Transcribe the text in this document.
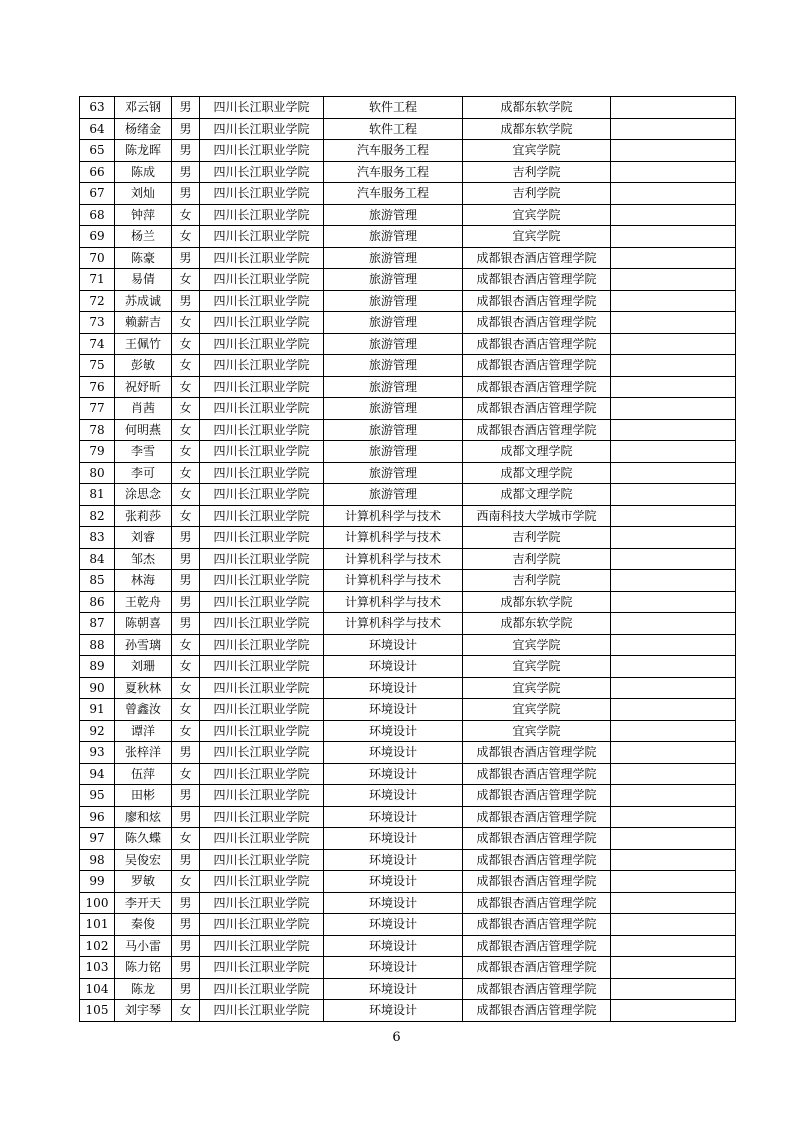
63	邓云钢	男	四川长江职业学院	软件工程	成都东软学院	
64	杨绪金	男	四川长江职业学院	软件工程	成都东软学院	
65	陈龙晖	男	四川长江职业学院	汽车服务工程	宜宾学院	
66	陈成	男	四川长江职业学院	汽车服务工程	吉利学院	
67	刘灿	男	四川长江职业学院	汽车服务工程	吉利学院	
68	钟萍	女	四川长江职业学院	旅游管理	宜宾学院	
69	杨兰	女	四川长江职业学院	旅游管理	宜宾学院	
70	陈豪	男	四川长江职业学院	旅游管理	成都银杏酒店管理学院	
71	易倩	女	四川长江职业学院	旅游管理	成都银杏酒店管理学院	
72	苏成诚	男	四川长江职业学院	旅游管理	成都银杏酒店管理学院	
73	赖薪吉	女	四川长江职业学院	旅游管理	成都银杏酒店管理学院	
74	王佩竹	女	四川长江职业学院	旅游管理	成都银杏酒店管理学院	
75	彭敏	女	四川长江职业学院	旅游管理	成都银杏酒店管理学院	
76	祝妤昕	女	四川长江职业学院	旅游管理	成都银杏酒店管理学院	
77	肖茜	女	四川长江职业学院	旅游管理	成都银杏酒店管理学院	
78	何明燕	女	四川长江职业学院	旅游管理	成都银杏酒店管理学院	
79	李雪	女	四川长江职业学院	旅游管理	成都文理学院	
80	李可	女	四川长江职业学院	旅游管理	成都文理学院	
81	涂思念	女	四川长江职业学院	旅游管理	成都文理学院	
82	张莉莎	女	四川长江职业学院	计算机科学与技术	西南科技大学城市学院	
83	刘睿	男	四川长江职业学院	计算机科学与技术	吉利学院	
84	邹杰	男	四川长江职业学院	计算机科学与技术	吉利学院	
85	林海	男	四川长江职业学院	计算机科学与技术	吉利学院	
86	王乾舟	男	四川长江职业学院	计算机科学与技术	成都东软学院	
87	陈朝喜	男	四川长江职业学院	计算机科学与技术	成都东软学院	
88	孙雪璃	女	四川长江职业学院	环境设计	宜宾学院	
89	刘珊	女	四川长江职业学院	环境设计	宜宾学院	
90	夏秋林	女	四川长江职业学院	环境设计	宜宾学院	
91	曾鑫汝	女	四川长江职业学院	环境设计	宜宾学院	
92	谭洋	女	四川长江职业学院	环境设计	宜宾学院	
93	张梓洋	男	四川长江职业学院	环境设计	成都银杏酒店管理学院	
94	伍萍	女	四川长江职业学院	环境设计	成都银杏酒店管理学院	
95	田彬	男	四川长江职业学院	环境设计	成都银杏酒店管理学院	
96	廖和炫	男	四川长江职业学院	环境设计	成都银杏酒店管理学院	
97	陈久蝶	女	四川长江职业学院	环境设计	成都银杏酒店管理学院	
98	吴俊宏	男	四川长江职业学院	环境设计	成都银杏酒店管理学院	
99	罗敏	女	四川长江职业学院	环境设计	成都银杏酒店管理学院	
100	李开天	男	四川长江职业学院	环境设计	成都银杏酒店管理学院	
101	秦俊	男	四川长江职业学院	环境设计	成都银杏酒店管理学院	
102	马小雷	男	四川长江职业学院	环境设计	成都银杏酒店管理学院	
103	陈力铭	男	四川长江职业学院	环境设计	成都银杏酒店管理学院	
104	陈龙	男	四川长江职业学院	环境设计	成都银杏酒店管理学院	
105	刘宇琴	女	四川长江职业学院	环境设计	成都银杏酒店管理学院	
6
